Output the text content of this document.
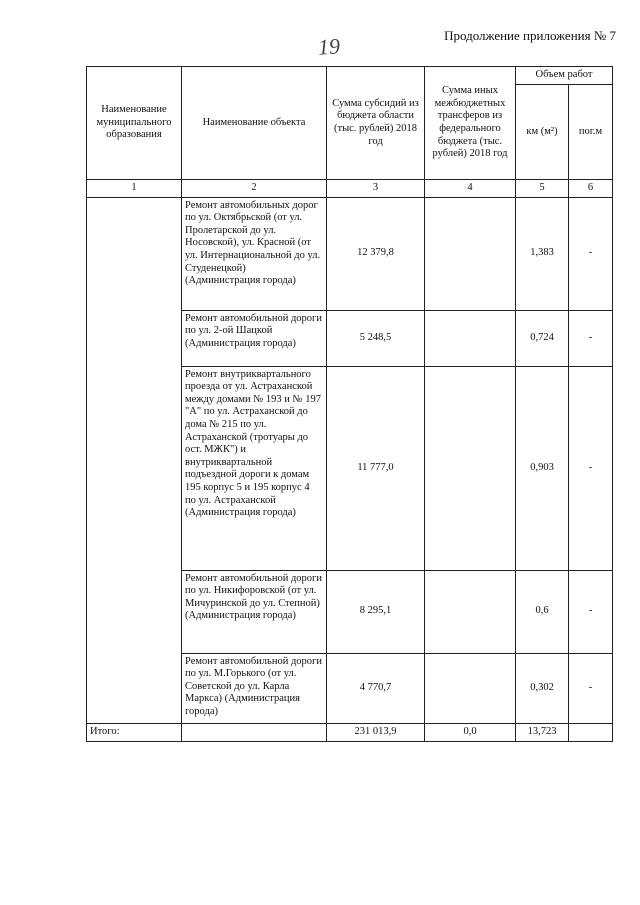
19	Продолжение приложения № 7
Наименование муниципального образования	Наименование объекта	Сумма субсидий из бюджета области (тыс. рублей) 2018 год	Сумма иных межбюджетных трансферов из федерального бюджета (тыс. рублей) 2018 год	Объем работ	
				км (м²)	пог.м
1	2	3	4	5	6
	Ремонт автомобильных дорог по ул. Октябрьской (от ул. Пролетарской до ул. Носовской), ул. Красной (от ул. Интернациональной до ул. Студенецкой) (Администрация города)	12 379,8		1,383	-
	Ремонт автомобильной дороги по ул. 2-ой Шацкой (Администрация города)	5 248,5		0,724	-
	Ремонт внутриквартального проезда от ул. Астраханской между домами № 193 и № 197 "А" по ул. Астраханской до дома № 215 по ул. Астраханской (тротуары до ост. МЖК") и внутриквартальной подъездной дороги к домам 195 корпус 5 и 195 корпус 4 по ул. Астраханской (Администрация города)	11 777,0		0,903	-
	Ремонт автомобильной дороги по ул. Никифоровской (от ул. Мичуринской до ул. Степной) (Администрация города)	8 295,1		0,6	-
	Ремонт автомобильной дороги по ул. М.Горького (от ул. Советской до ул. Карла Маркса) (Администрация города)	4 770,7		0,302	-
Итого:		231 013,9	0,0	13,723	
